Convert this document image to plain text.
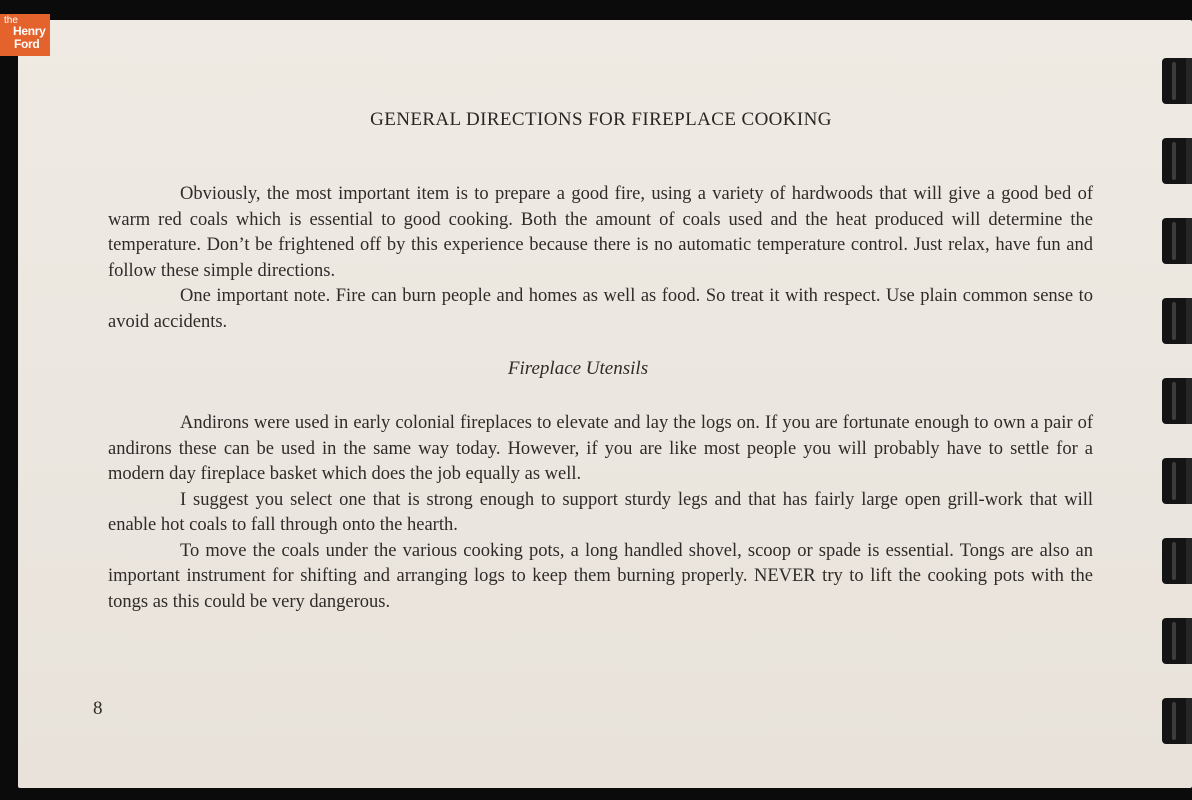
the
Henry
Ford
GENERAL DIRECTIONS FOR FIREPLACE COOKING

Obviously, the most important item is to prepare a good fire, using a variety of hardwoods that will give a good bed of warm red coals which is essential to good cooking. Both the amount of coals used and the heat produced will determine the temperature. Don’t be frightened off by this experience because there is no automatic temperature control. Just relax, have fun and follow these simple directions.

One important note. Fire can burn people and homes as well as food. So treat it with respect. Use plain common sense to avoid accidents.

Fireplace Utensils

Andirons were used in early colonial fireplaces to elevate and lay the logs on. If you are fortunate enough to own a pair of andirons these can be used in the same way today. However, if you are like most people you will probably have to settle for a modern day fireplace basket which does the job equally as well.

I suggest you select one that is strong enough to support sturdy legs and that has fairly large open grill-work that will enable hot coals to fall through onto the hearth.

To move the coals under the various cooking pots, a long handled shovel, scoop or spade is essential. Tongs are also an important instrument for shifting and arranging logs to keep them burning properly. NEVER try to lift the cooking pots with the tongs as this could be very dangerous.

8
